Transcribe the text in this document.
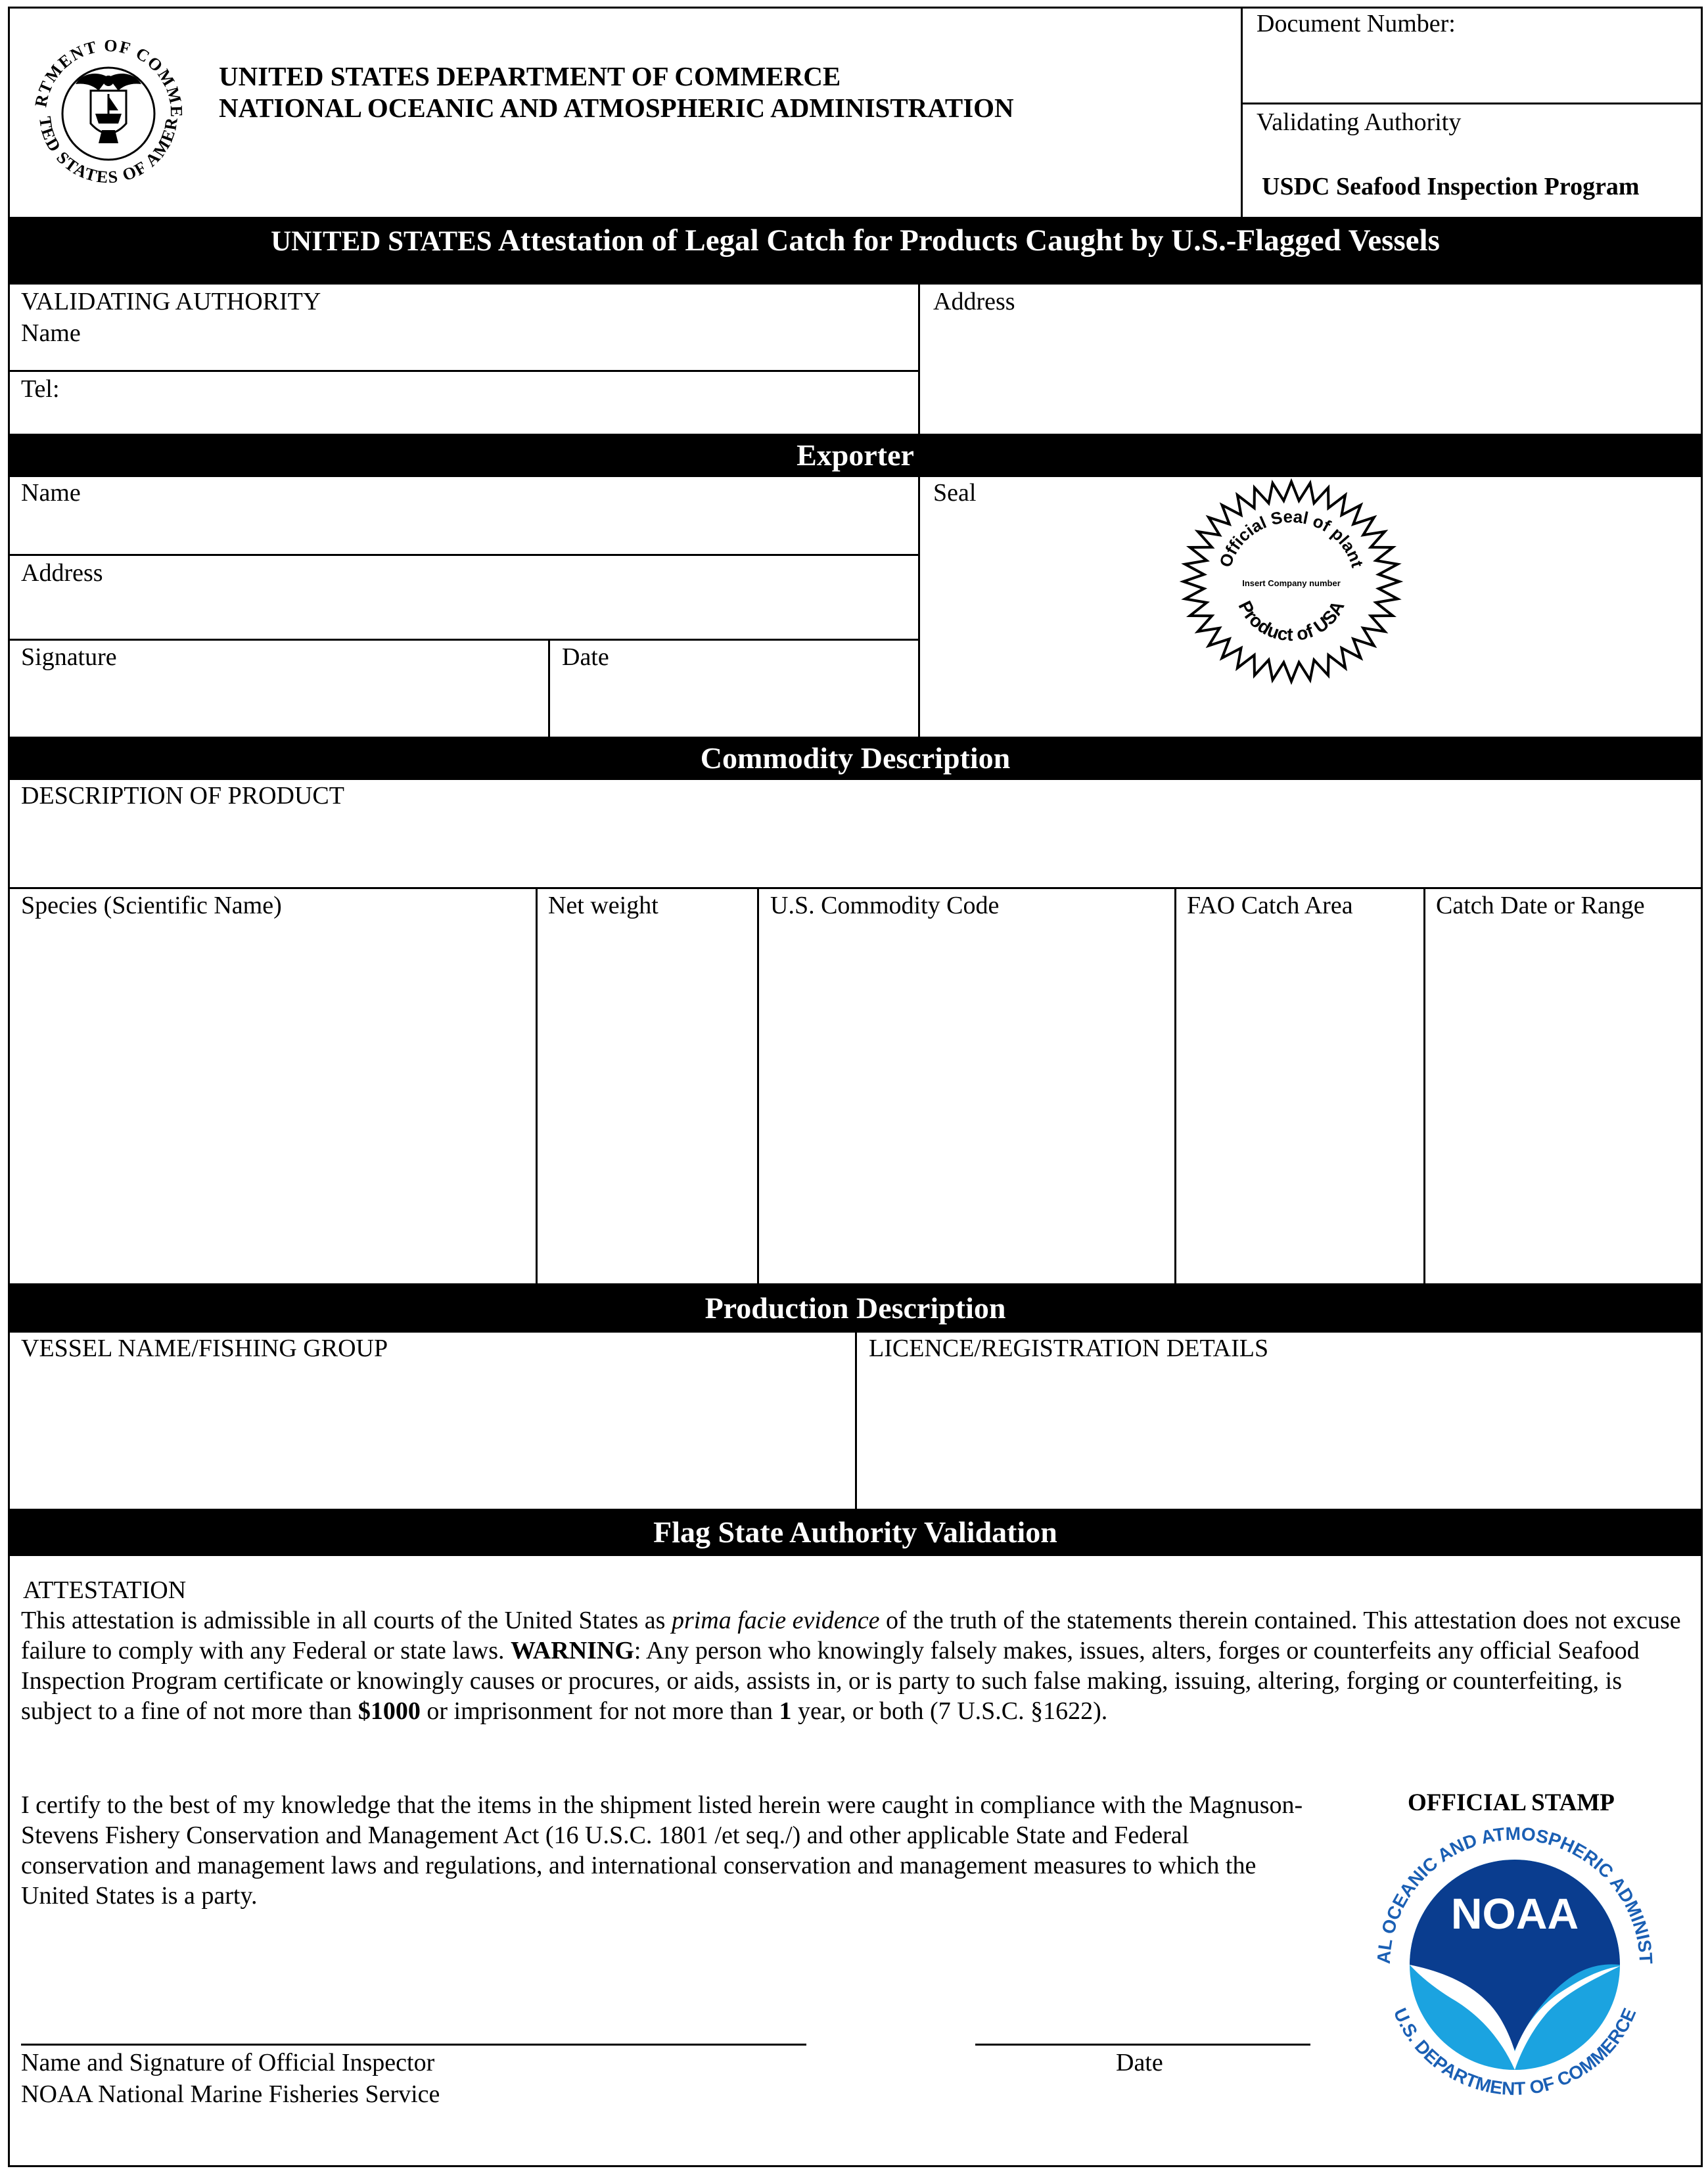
RTMENT OF COMME
TED STATES OF AMER
UNITED STATES DEPARTMENT OF COMMERCE
NATIONAL OCEANIC AND ATMOSPHERIC ADMINISTRATION
Document Number:
Validating Authority
USDC Seafood Inspection Program
UNITED STATES Attestation of Legal Catch for Products Caught by U.S.-Flagged Vessels
VALIDATING AUTHORITY
Name
Tel:
Address
Exporter
Name
Address
Signature	Date
Seal
Official Seal of plant
Insert Company number
Product of USA
Commodity Description
DESCRIPTION OF PRODUCT
Species (Scientific Name)	Net weight	U.S. Commodity Code	FAO Catch Area	Catch Date or Range
Production Description
VESSEL NAME/FISHING GROUP	LICENCE/REGISTRATION DETAILS
Flag State Authority Validation
ATTESTATION
This attestation is admissible in all courts of the United States as prima facie evidence of the truth of the statements therein contained. This attestation does not excuse failure to comply with any Federal or state laws. WARNING: Any person who knowingly falsely makes, issues, alters, forges or counterfeits any official Seafood Inspection Program certificate or knowingly causes or procures, or aids, assists in, or is party to such false making, issuing, altering, forging or counterfeiting, is subject to a fine of not more than $1000 or imprisonment for not more than 1 year, or both (7 U.S.C. §1622).
I certify to the best of my knowledge that the items in the shipment listed herein were caught in compliance with the Magnuson-Stevens Fishery Conservation and Management Act (16 U.S.C. 1801 /et seq./) and other applicable State and Federal conservation and management laws and regulations, and international conservation and management measures to which the United States is a party.
OFFICIAL STAMP
NOAA
AL OCEANIC AND ATMOSPHERIC ADMINIST
U.S. DEPARTMENT OF COMMERCE
Name and Signature of Official Inspector
NOAA National Marine Fisheries Service
Date
